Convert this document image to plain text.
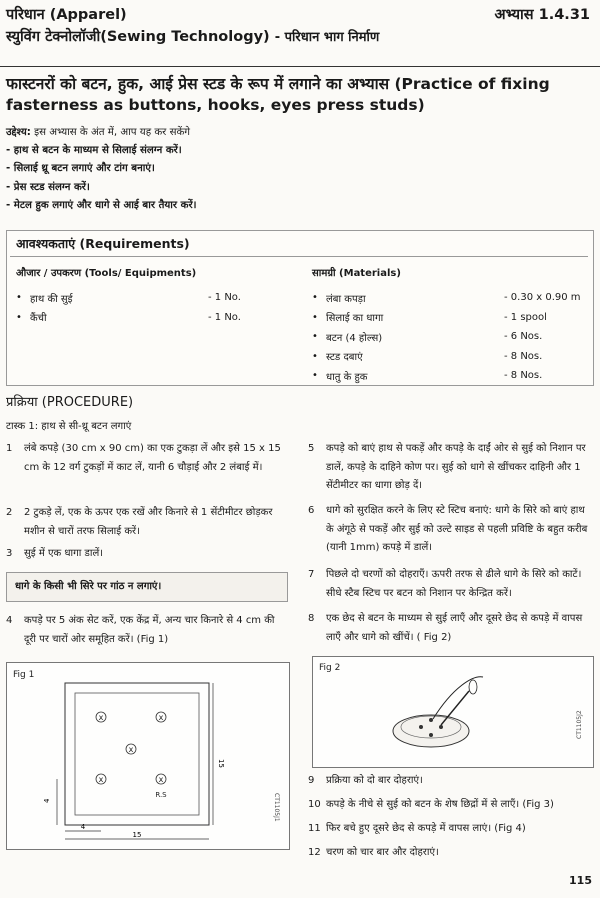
परिधान (Apparel)	अभ्यास 1.4.31
स्युविंग टेक्नोलॉजी(Sewing Technology) - परिधान भाग निर्माण
फास्टनरों को बटन, हुक, आई प्रेस स्टड के रूप में लगाने का अभ्यास (Practice of fixing fasterness as buttons, hooks, eyes press studs)
उद्देश्य: इस अभ्यास के अंत में, आप यह कर सकेंगे
- हाथ से बटन के माध्यम से सिलाई संलग्न करें।
- सिलाई थ्रू बटन लगाएं और टांग बनाएं।
- प्रेस स्टड संलग्न करें।
- मेटल हुक लगाएं और धागे से आई बार तैयार करें।
आवश्यकताएं (Requirements)
औजार / उपकरण (Tools/ Equipments)	सामग्री (Materials)
• हाथ की सुई	- 1 No.
• कैंची	- 1 No.
• लंबा कपड़ा	- 0.30 x 0.90 m
• सिलाई का धागा	- 1 spool
• बटन (4 होल्स)	- 6 Nos.
• स्टड दबाएं	- 8 Nos.
• धातु के हुक	- 8 Nos.
प्रक्रिया (PROCEDURE)
टास्क 1: हाथ से सी-थ्रू बटन लगाएं
1 लंबे कपड़े (30 cm x 90 cm) का एक टुकड़ा लें और इसे 15 x 15 cm के 12 वर्ग टुकड़ों में काट लें, यानी 6 चौड़ाई और 2 लंबाई में।
2 2 टुकड़े लें, एक के ऊपर एक रखें और किनारे से 1 सेंटीमीटर छोड़कर मशीन से चारों तरफ सिलाई करें।
3 सुई में एक धागा डालें।
धागे के किसी भी सिरे पर गांठ न लगाएं।
4 कपड़े पर 5 अंक सेट करें, एक केंद्र में, अन्य चार किनारे से 4 cm की दूरी पर चारों ओर समूहित करें। (Fig 1)
5 कपड़े को बाएं हाथ से पकड़ें और कपड़े के दाईं ओर से सुई को निशान पर डालें, कपड़े के दाहिने कोण पर। सुई को धागे से खींचकर दाहिनी और 1 सेंटीमीटर का धागा छोड़ दें।
6 धागे को सुरक्षित करने के लिए स्टे स्टिच बनाएं: धागे के सिरे को बाएं हाथ के अंगूठे से पकड़ें और सुई को उल्टे साइड से पहली प्रविष्टि के बहुत करीब (यानी 1mm) कपड़े में डालें।
7 पिछले दो चरणों को दोहराएँ। ऊपरी तरफ से ढीले धागे के सिरे को काटें। सीधे स्टैब स्टिच पर बटन को निशान पर केन्द्रित करें।
8 एक छेद से बटन के माध्यम से सुई लाएँ और दूसरे छेद से कपड़े में वापस लाएँ और धागे को खींचें। ( Fig 2)
Fig 1
x	x
x
x	x
R.S
15
4
4
15
CT1105J1
Fig 2
CT1105J2
9 प्रक्रिया को दो बार दोहराएं।
10 कपड़े के नीचे से सुई को बटन के शेष छिद्रों में से लाएँ। (Fig 3)
11 फिर बचे हुए दूसरे छेद से कपड़े में वापस लाएं। (Fig 4)
12 चरण को चार बार और दोहराएं।
115
